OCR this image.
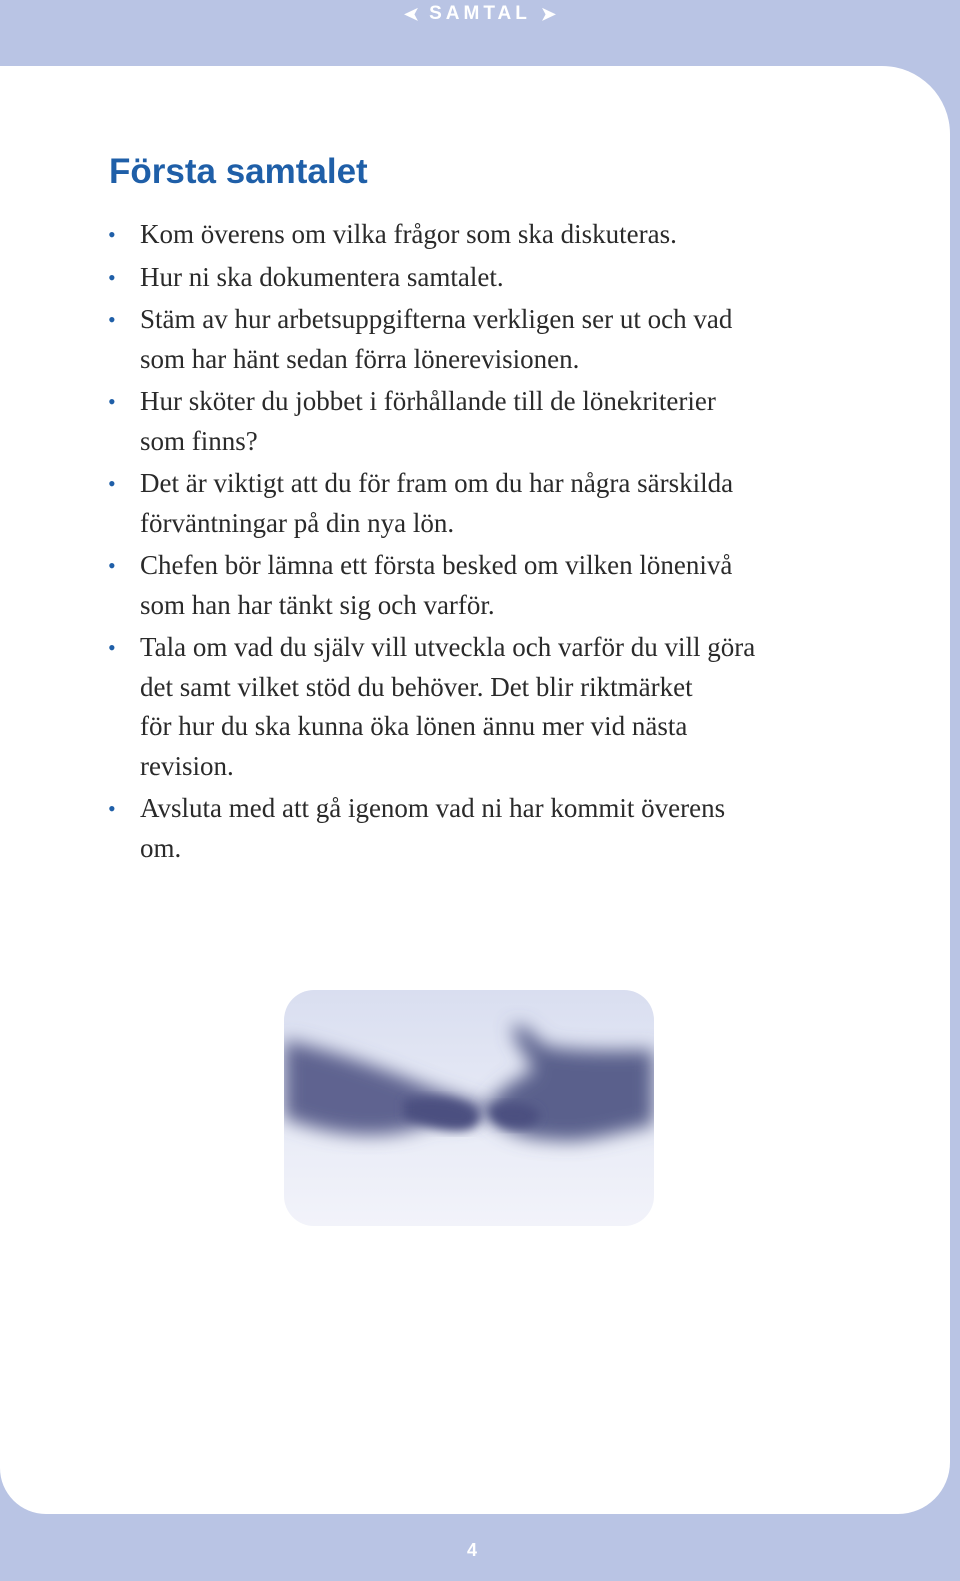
➤ SAMTAL ➤
Första samtalet
• Kom överens om vilka frågor som ska diskuteras.
• Hur ni ska dokumentera samtalet.
• Stäm av hur arbetsuppgifterna verkligen ser ut och vad
som har hänt sedan förra lönerevisionen.
• Hur sköter du jobbet i förhållande till de lönekriterier
som finns?
• Det är viktigt att du för fram om du har några särskilda
förväntningar på din nya lön.
• Chefen bör lämna ett första besked om vilken lönenivå
som han har tänkt sig och varför.
• Tala om vad du själv vill utveckla och varför du vill göra
det samt vilket stöd du behöver. Det blir riktmärket
för hur du ska kunna öka lönen ännu mer vid nästa
revision.
• Avsluta med att gå igenom vad ni har kommit överens
om.
4
